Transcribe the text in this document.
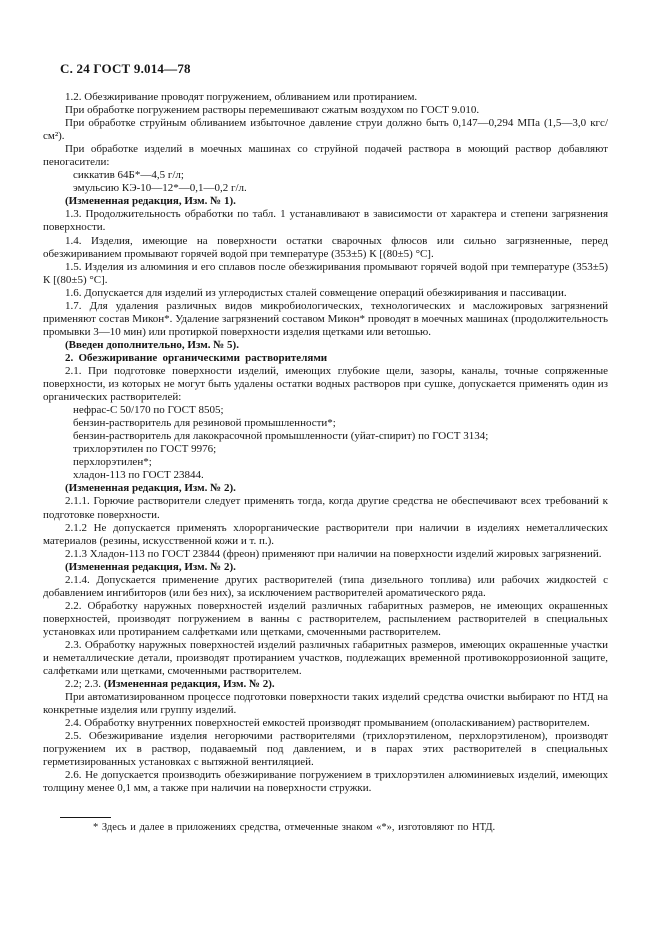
С. 24 ГОСТ 9.014—78

1.2. Обезжиривание проводят погружением, обливанием или протиранием.

При обработке погружением растворы перемешивают сжатым воздухом по ГОСТ 9.010.

При обработке струйным обливанием избыточное давление струи должно быть 0,147—0,294 МПа (1,5—3,0 кгс/см²).

При обработке изделий в моечных машинах со струйной подачей раствора в моющий раствор добавляют пеногасители:

сиккатив 64Б*—4,5 г/л;

эмульсию КЭ-10—12*—0,1—0,2 г/л.

(Измененная редакция, Изм. № 1).

1.3. Продолжительность обработки по табл. 1 устанавливают в зависимости от характера и степени загрязнения поверхности.

1.4. Изделия, имеющие на поверхности остатки сварочных флюсов или сильно загрязненные, перед обезжириванием промывают горячей водой при температуре (353±5) К [(80±5) °С].

1.5. Изделия из алюминия и его сплавов после обезжиривания промывают горячей водой при температуре (353±5) К [(80±5) °С].

1.6. Допускается для изделий из углеродистых сталей совмещение операций обезжиривания и пассивации.

1.7. Для удаления различных видов микробиологических, технологических и масложировых загрязнений применяют состав Микон*. Удаление загрязнений составом Микон* проводят в моечных машинах (продолжительность промывки 3—10 мин) или протиркой поверхности изделия щетками или ветошью.

(Введен дополнительно, Изм. № 5).

2. Обезжиривание органическими растворителями

2.1. При подготовке поверхности изделий, имеющих глубокие щели, зазоры, каналы, точные сопряженные поверхности, из которых не могут быть удалены остатки водных растворов при сушке, допускается применять один из органических растворителей:

нефрас-С 50/170 по ГОСТ 8505;

бензин-растворитель для резиновой промышленности*;

бензин-растворитель для лакокрасочной промышленности (уйат-спирит) по ГОСТ 3134;

трихлорэтилен по ГОСТ 9976;

перхлорэтилен*;

хладон-113 по ГОСТ 23844.

(Измененная редакция, Изм. № 2).

2.1.1. Горючие растворители следует применять тогда, когда другие средства не обеспечивают всех требований к подготовке поверхности.

2.1.2 Не допускается применять хлорорганические растворители при наличии в изделиях неметаллических материалов (резины, искусственной кожи и т. п.).

2.1.3 Хладон-113 по ГОСТ 23844 (фреон) применяют при наличии на поверхности изделий жировых загрязнений.

(Измененная редакция, Изм. № 2).

2.1.4. Допускается применение других растворителей (типа дизельного топлива) или рабочих жидкостей с добавлением ингибиторов (или без них), за исключением растворителей ароматического ряда.

2.2. Обработку наружных поверхностей изделий различных габаритных размеров, не имеющих окрашенных поверхностей, производят погружением в ванны с растворителем, распылением растворителей в специальных установках или протиранием салфетками или щетками, смоченными растворителем.

2.3. Обработку наружных поверхностей изделий различных габаритных размеров, имеющих окрашенные участки и неметаллические детали, производят протиранием участков, подлежащих временной противокоррозионной защите, салфетками или щетками, смоченными растворителем.

2.2; 2.3. (Измененная редакция, Изм. № 2).

При автоматизированном процессе подготовки поверхности таких изделий средства очистки выбирают по НТД на конкретные изделия или группу изделий.

2.4. Обработку внутренних поверхностей емкостей производят промыванием (ополаскиванием) растворителем.

2.5. Обезжиривание изделия негорючими растворителями (трихлорэтиленом, перхлорэтиленом), производят погружением их в раствор, подаваемый под давлением, и в парах этих растворителей в специальных герметизированных установках с вытяжной вентиляцией.

2.6. Не допускается производить обезжиривание погружением в трихлорэтилен алюминиевых изделий, имеющих толщину менее 0,1 мм, а также при наличии на поверхности стружки.

* Здесь и далее в приложениях средства, отмеченные знаком «*», изготовляют по НТД.
